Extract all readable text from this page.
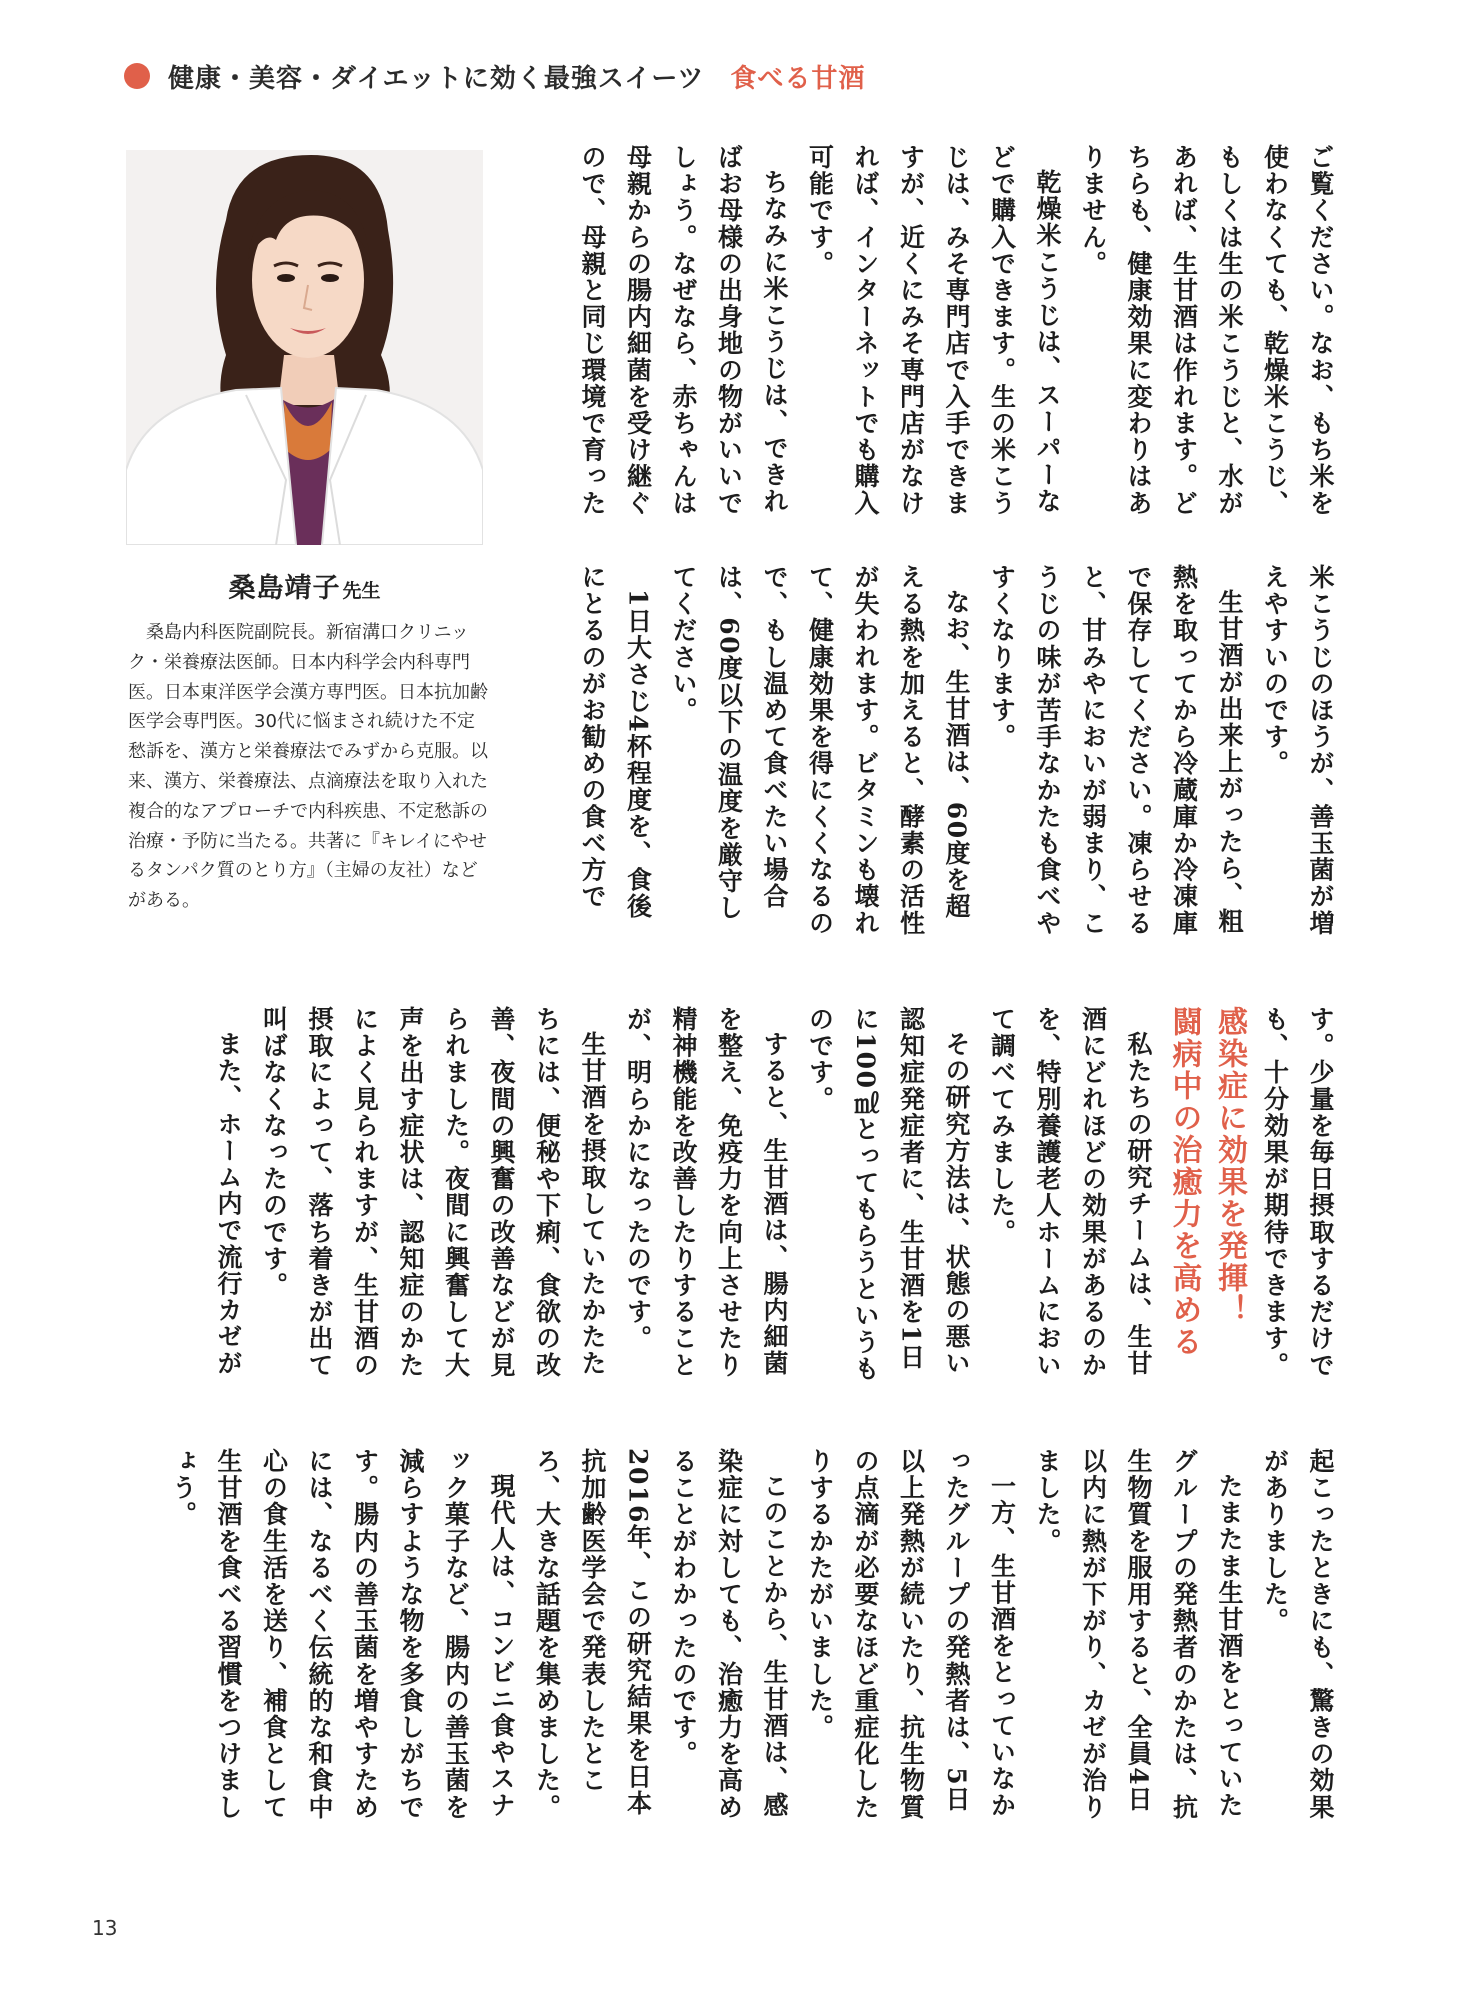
健康・美容・ダイエットに効く最強スイーツ 食べる甘酒
桑島靖子 先生

桑島内科医院副院長。新宿溝口クリニック・栄養療法医師。日本内科学会内科専門医。日本東洋医学会漢方専門医。日本抗加齢医学会専門医。30代に悩まされ続けた不定愁訴を、漢方と栄養療法でみずから克服。以来、漢方、栄養療法、点滴療法を取り入れた複合的なアプローチで内科疾患、不定愁訴の治療・予防に当たる。共著に『キレイにやせるタンパク質のとり方』（主婦の友社）などがある。

ご覧ください。なお、もち米を使わなくても、乾燥米こうじ、もしくは生の米こうじと、水があれば、生甘酒は作れます。どちらも、健康効果に変わりはありません。

乾燥米こうじは、スーパーなどで購入できます。生の米こうじは、みそ専門店で入手できますが、近くにみそ専門店がなければ、インターネットでも購入可能です。

ちなみに米こうじは、できればお母様の出身地の物がいいでしょう。なぜなら、赤ちゃんは母親からの腸内細菌を受け継ぐので、母親と同じ環境で育った

米こうじのほうが、善玉菌が増えやすいのです。

生甘酒が出来上がったら、粗熱を取ってから冷蔵庫か冷凍庫で保存してください。凍らせると、甘みやにおいが弱まり、こうじの味が苦手なかたも食べやすくなります。

なお、生甘酒は、60度を超える熱を加えると、酵素の活性が失われます。ビタミンも壊れて、健康効果を得にくくなるので、もし温めて食べたい場合は、60度以下の温度を厳守してください。

1日大さじ4杯程度を、食後にとるのがお勧めの食べ方で

す。少量を毎日摂取するだけでも、十分効果が期待できます。

感染症に効果を発揮！
闘病中の治癒力を高める

私たちの研究チームは、生甘酒にどれほどの効果があるのかを、特別養護老人ホームにおいて調べてみました。

その研究方法は、状態の悪い認知症発症者に、生甘酒を1日に100㎖とってもらうというものです。

すると、生甘酒は、腸内細菌を整え、免疫力を向上させたり精神機能を改善したりすることが、明らかになったのです。

生甘酒を摂取していたかたたちには、便秘や下痢、食欲の改善、夜間の興奮の改善などが見られました。夜間に興奮して大声を出す症状は、認知症のかたによく見られますが、生甘酒の摂取によって、落ち着きが出て叫ばなくなったのです。

また、ホーム内で流行カゼが

起こったときにも、驚きの効果がありました。

たまたま生甘酒をとっていたグループの発熱者のかたは、抗生物質を服用すると、全員4日以内に熱が下がり、カゼが治りました。

一方、生甘酒をとっていなかったグループの発熱者は、5日以上発熱が続いたり、抗生物質の点滴が必要なほど重症化したりするかたがいました。

このことから、生甘酒は、感染症に対しても、治癒力を高めることがわかったのです。2016年、この研究結果を日本抗加齢医学会で発表したところ、大きな話題を集めました。

現代人は、コンビニ食やスナック菓子など、腸内の善玉菌を減らすような物を多食しがちです。腸内の善玉菌を増やすためには、なるべく伝統的な和食中心の食生活を送り、補食として生甘酒を食べる習慣をつけましょう。

13
